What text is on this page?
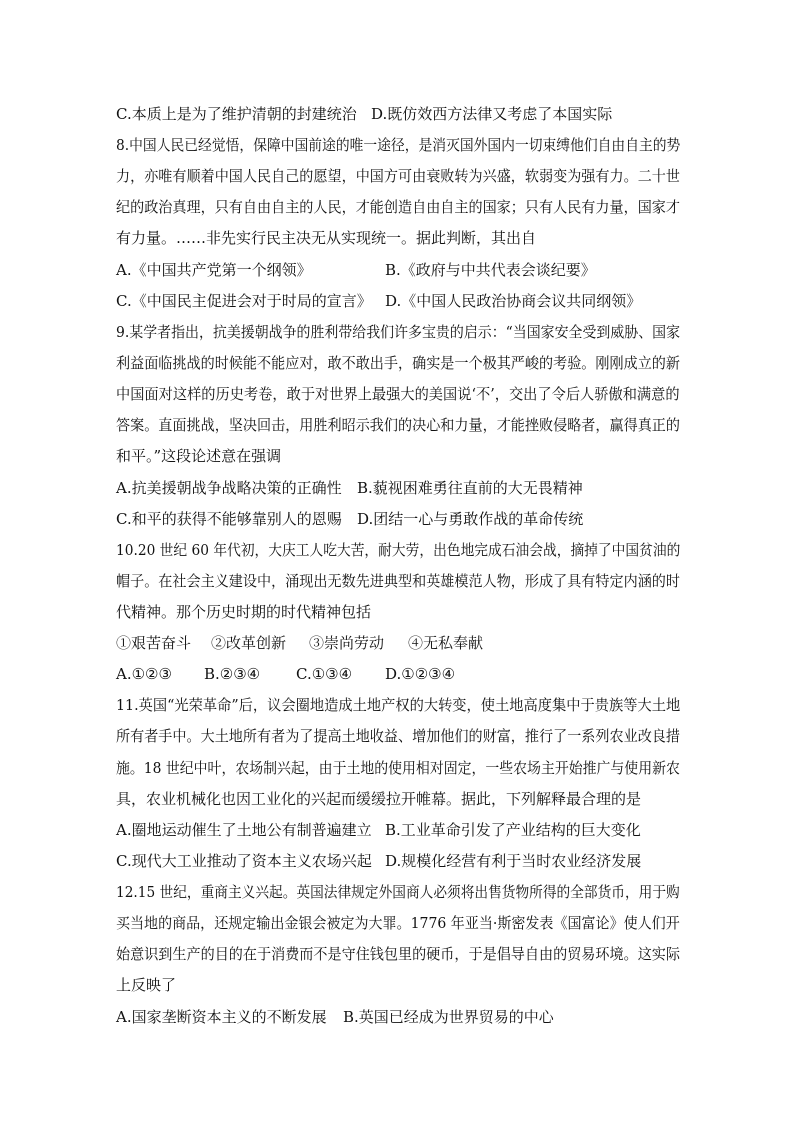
C.本质上是为了维护清朝的封建统治 D.既仿效西方法律又考虑了本国实际
8.中国人民已经觉悟，保障中国前途的唯一途径，是消灭国外国内一切束缚他们自由自主的势
力，亦唯有顺着中国人民自己的愿望，中国方可由衰败转为兴盛，软弱变为强有力。二十世
纪的政治真理，只有自由自主的人民，才能创造自由自主的国家；只有人民有力量，国家才
有力量。……非先实行民主决无从实现统一。据此判断，其出自
A.《中国共产党第一个纲领》	B.《政府与中共代表会谈纪要》
C.《中国民主促进会对于时局的宣言》 D.《中国人民政治协商会议共同纲领》
9.某学者指出，抗美援朝战争的胜利带给我们许多宝贵的启示：“当国家安全受到威胁、国家
利益面临挑战的时候能不能应对，敢不敢出手，确实是一个极其严峻的考验。刚刚成立的新
中国面对这样的历史考卷，敢于对世界上最强大的美国说‘不’，交出了令后人骄傲和满意的
答案。直面挑战，坚决回击，用胜利昭示我们的决心和力量，才能挫败侵略者，赢得真正的
和平。”这段论述意在强调
A.抗美援朝战争战略决策的正确性 B.藐视困难勇往直前的大无畏精神
C.和平的获得不能够靠别人的恩赐 D.团结一心与勇敢作战的革命传统
10.20 世纪 60 年代初，大庆工人吃大苦，耐大劳，出色地完成石油会战，摘掉了中国贫油的
帽子。在社会主义建设中，涌现出无数先进典型和英雄模范人物，形成了具有特定内涵的时
代精神。那个历史时期的时代精神包括
①艰苦奋斗 ②改革创新 ③崇尚劳动 ④无私奉献
A.①②③ B.②③④ C.①③④ D.①②③④
11.英国“光荣革命”后，议会圈地造成土地产权的大转变，使土地高度集中于贵族等大土地
所有者手中。大土地所有者为了提高土地收益、增加他们的财富，推行了一系列农业改良措
施。18 世纪中叶，农场制兴起，由于土地的使用相对固定，一些农场主开始推广与使用新农
具，农业机械化也因工业化的兴起而缓缓拉开帷幕。据此，下列解释最合理的是
A.圈地运动催生了土地公有制普遍建立 B.工业革命引发了产业结构的巨大变化
C.现代大工业推动了资本主义农场兴起 D.规模化经营有利于当时农业经济发展
12.15 世纪，重商主义兴起。英国法律规定外国商人必须将出售货物所得的全部货币，用于购
买当地的商品，还规定输出金银会被定为大罪。1776 年亚当·斯密发表《国富论》使人们开
始意识到生产的目的在于消费而不是守住钱包里的硬币，于是倡导自由的贸易环境。这实际
上反映了
A.国家垄断资本主义的不断发展 B.英国已经成为世界贸易的中心
